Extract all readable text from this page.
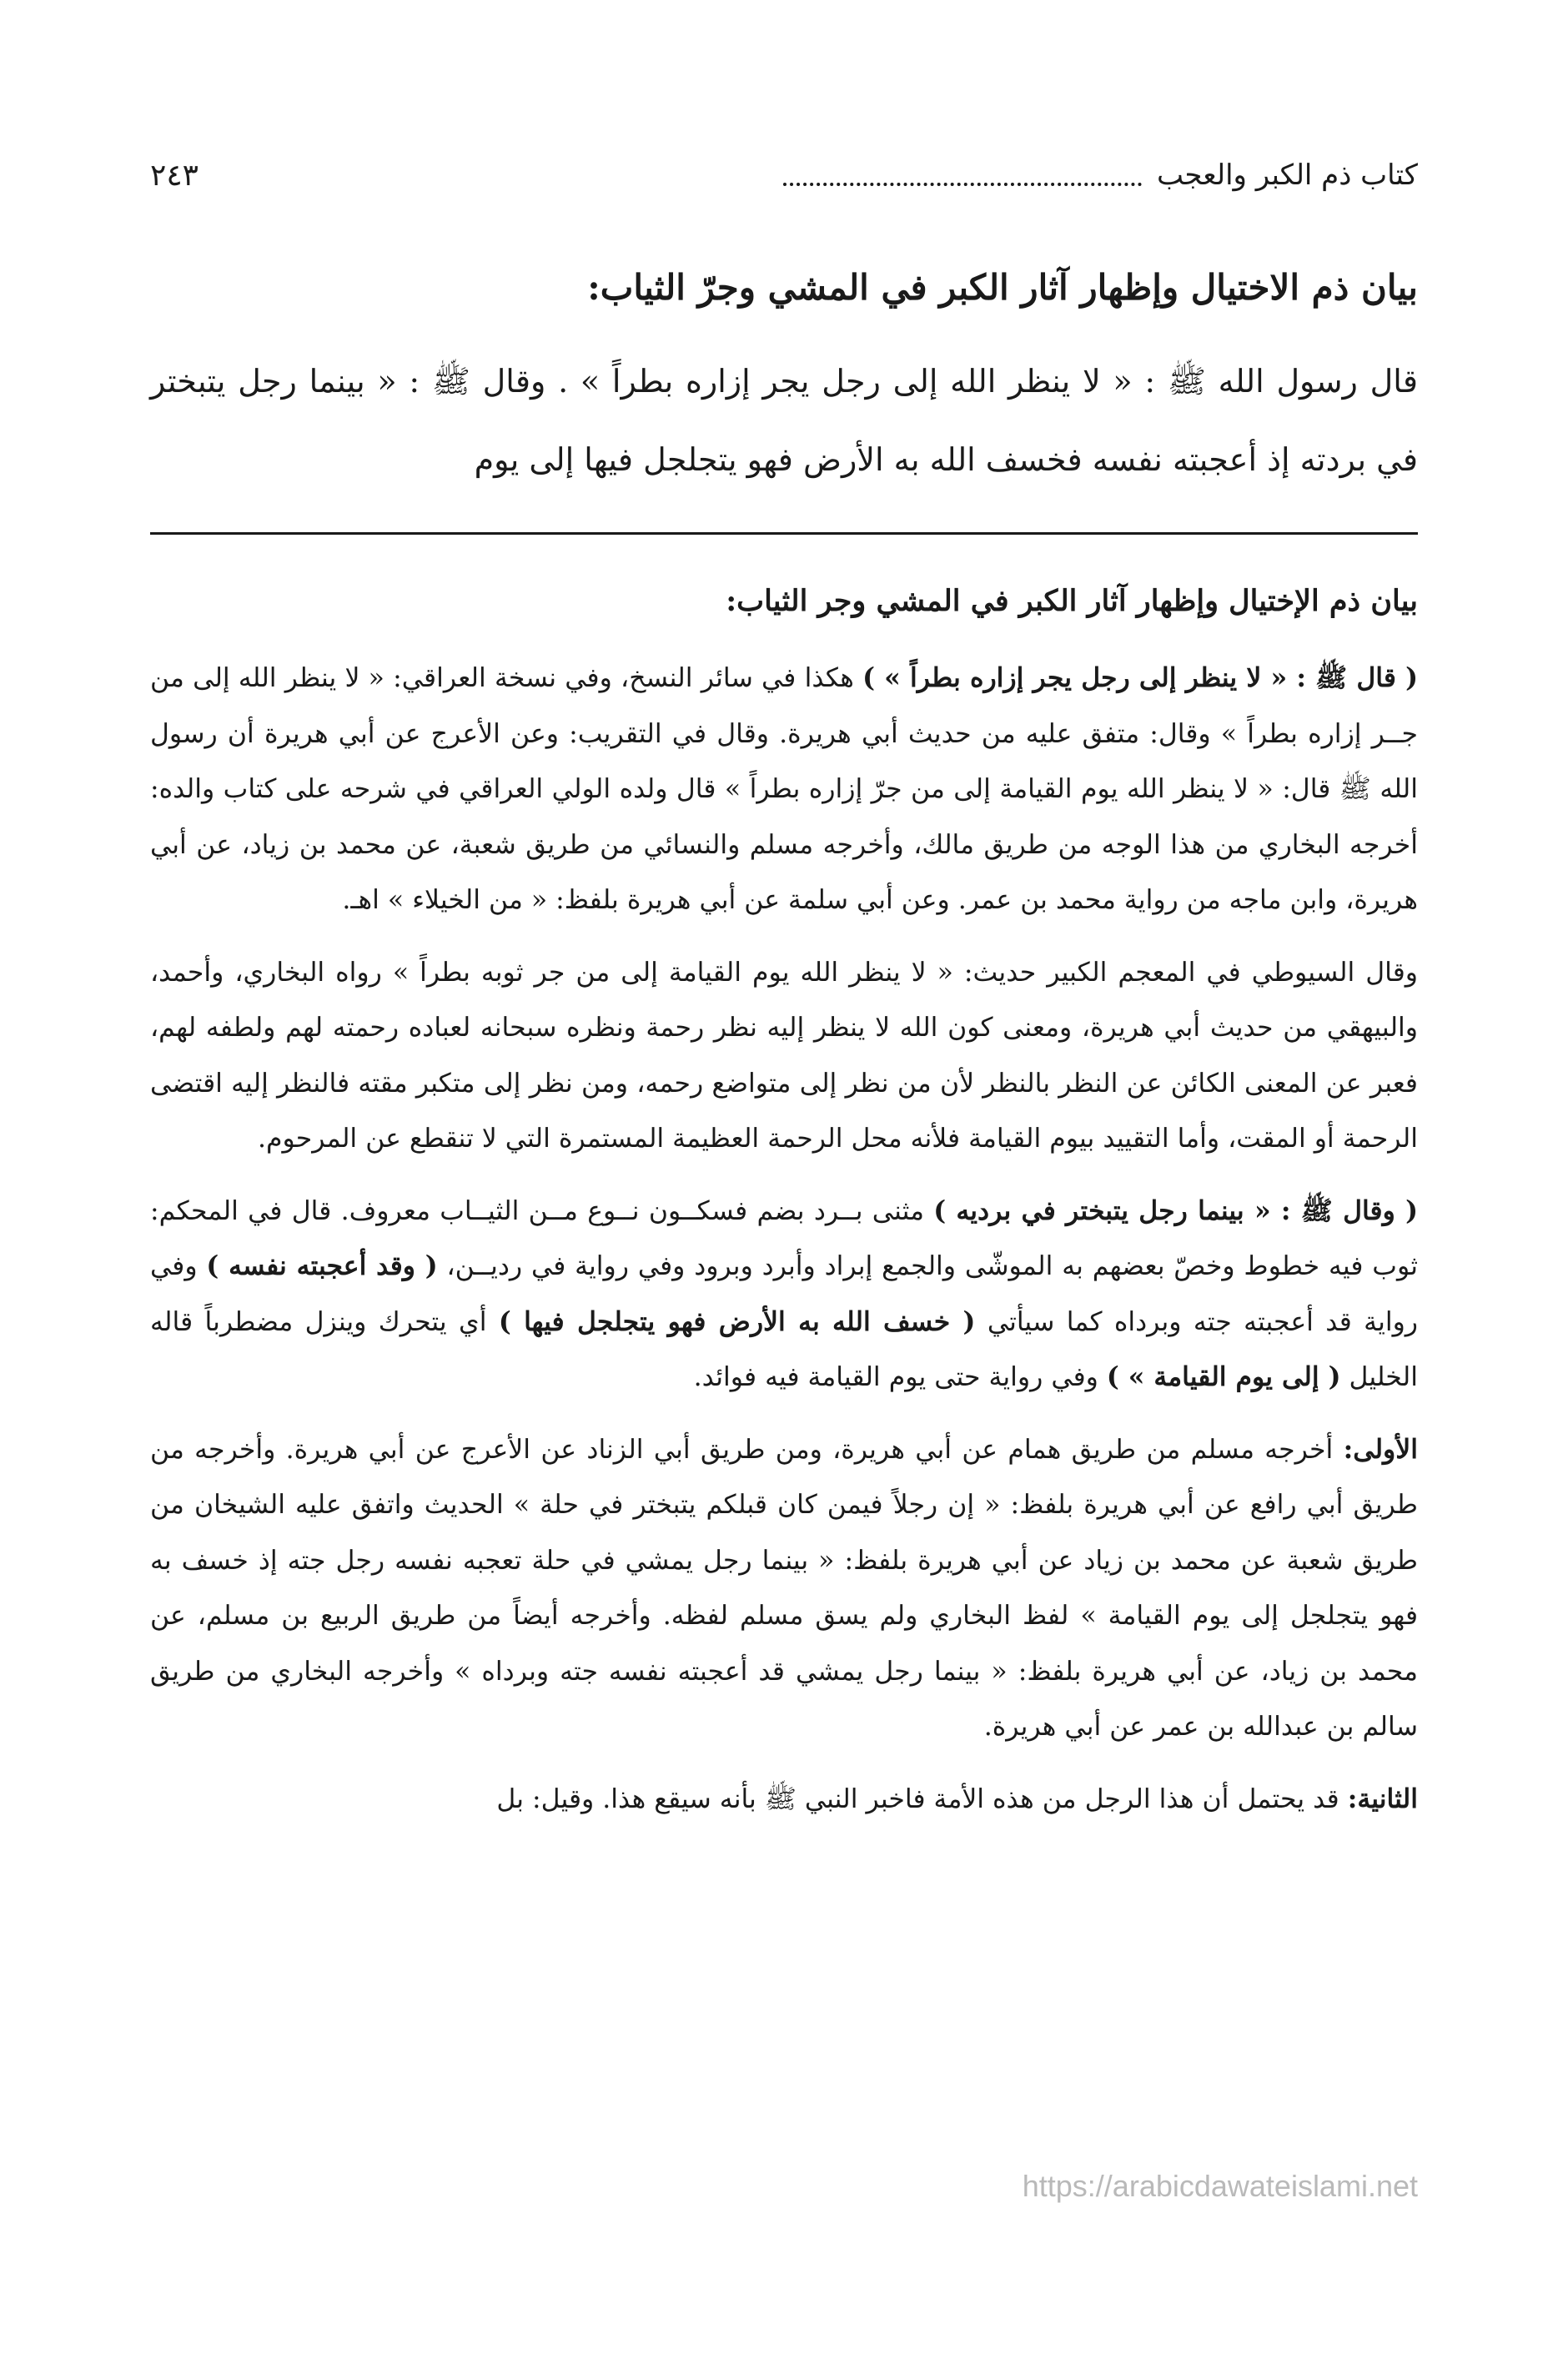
كتاب ذم الكبر والعجب
٢٤٣
بيان ذم الاختيال وإظهار آثار الكبر في المشي وجرّ الثياب:
قال رسول الله ﷺ : « لا ينظر الله إلى رجل يجر إزاره بطراً » . وقال ﷺ : « بينما رجل يتبختر في بردته إذ أعجبته نفسه فخسف الله به الأرض فهو يتجلجل فيها إلى يوم
بيان ذم الإختيال وإظهار آثار الكبر في المشي وجر الثياب:

( قال ﷺ : « لا ينظر إلى رجل يجر إزاره بطراً » ) هكذا في سائر النسخ، وفي نسخة العراقي: « لا ينظر الله إلى من جــر إزاره بطراً » وقال: متفق عليه من حديث أبي هريرة. وقال في التقريب: وعن الأعرج عن أبي هريرة أن رسول الله ﷺ قال: « لا ينظر الله يوم القيامة إلى من جرّ إزاره بطراً » قال ولده الولي العراقي في شرحه على كتاب والده: أخرجه البخاري من هذا الوجه من طريق مالك، وأخرجه مسلم والنسائي من طريق شعبة، عن محمد بن زياد، عن أبي هريرة، وابن ماجه من رواية محمد بن عمر. وعن أبي سلمة عن أبي هريرة بلفظ: « من الخيلاء » اهـ.

وقال السيوطي في المعجم الكبير حديث: « لا ينظر الله يوم القيامة إلى من جر ثوبه بطراً » رواه البخاري، وأحمد، والبيهقي من حديث أبي هريرة، ومعنى كون الله لا ينظر إليه نظر رحمة ونظره سبحانه لعباده رحمته لهم ولطفه لهم، فعبر عن المعنى الكائن عن النظر بالنظر لأن من نظر إلى متواضع رحمه، ومن نظر إلى متكبر مقته فالنظر إليه اقتضى الرحمة أو المقت، وأما التقييد بيوم القيامة فلأنه محل الرحمة العظيمة المستمرة التي لا تنقطع عن المرحوم.

( وقال ﷺ : « بينما رجل يتبختر في برديه ) مثنى بــرد بضم فسكــون نــوع مــن الثيــاب معروف. قال في المحكم: ثوب فيه خطوط وخصّ بعضهم به الموشّى والجمع إبراد وأبرد وبرود وفي رواية في رديــن، ( وقد أعجبته نفسه ) وفي رواية قد أعجبته جته وبرداه كما سيأتي ( خسف الله به الأرض فهو يتجلجل فيها ) أي يتحرك وينزل مضطرباً قاله الخليل ( إلى يوم القيامة » ) وفي رواية حتى يوم القيامة فيه فوائد.

الأولى: أخرجه مسلم من طريق همام عن أبي هريرة، ومن طريق أبي الزناد عن الأعرج عن أبي هريرة. وأخرجه من طريق أبي رافع عن أبي هريرة بلفظ: « إن رجلاً فيمن كان قبلكم يتبختر في حلة » الحديث واتفق عليه الشيخان من طريق شعبة عن محمد بن زياد عن أبي هريرة بلفظ: « بينما رجل يمشي في حلة تعجبه نفسه رجل جته إذ خسف به فهو يتجلجل إلى يوم القيامة » لفظ البخاري ولم يسق مسلم لفظه. وأخرجه أيضاً من طريق الربيع بن مسلم، عن محمد بن زياد، عن أبي هريرة بلفظ: « بينما رجل يمشي قد أعجبته نفسه جته وبرداه » وأخرجه البخاري من طريق سالم بن عبدالله بن عمر عن أبي هريرة.

الثانية: قد يحتمل أن هذا الرجل من هذه الأمة فاخبر النبي ﷺ بأنه سيقع هذا. وقيل: بل

https://arabicdawateislami.net
